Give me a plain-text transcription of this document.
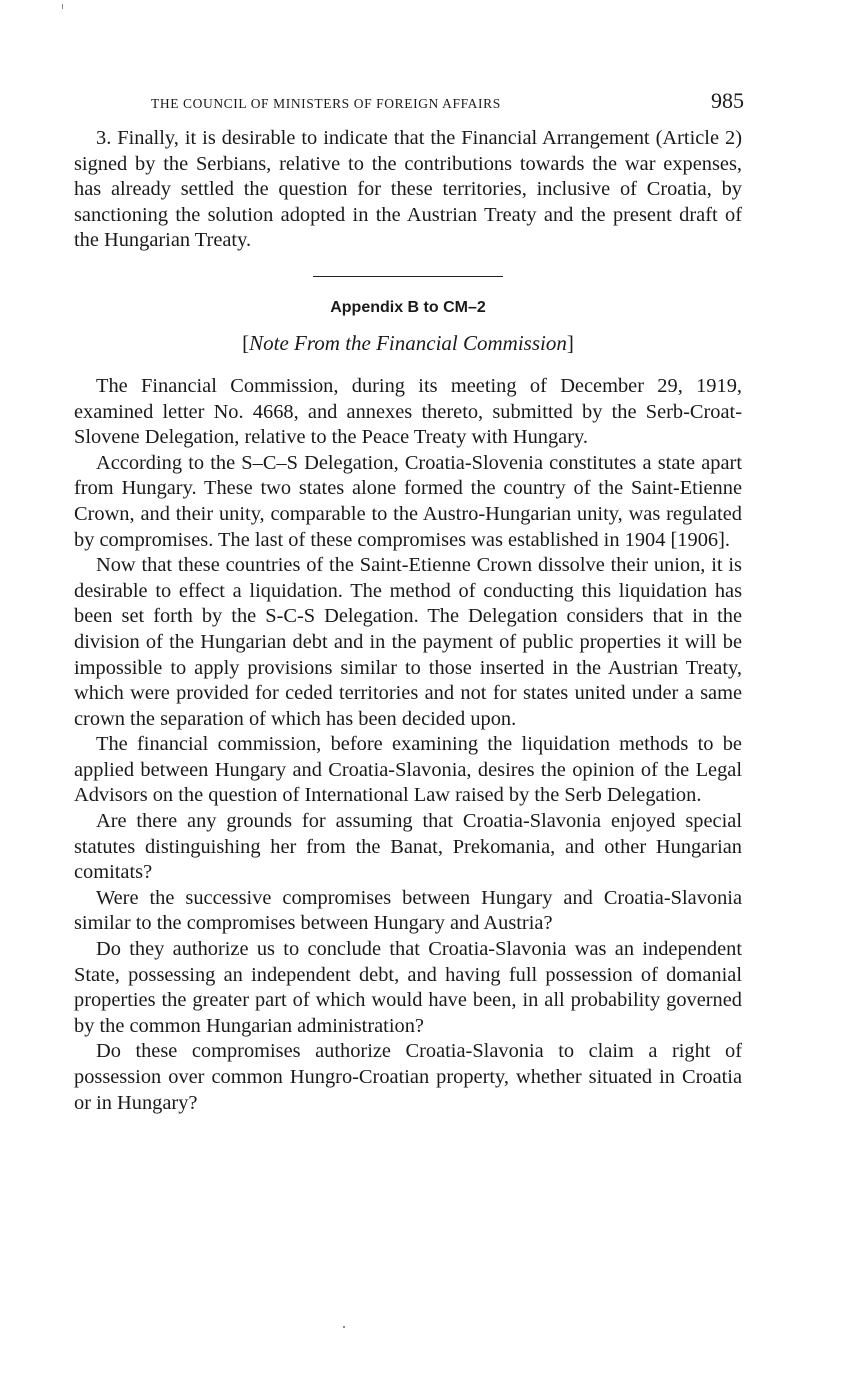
THE COUNCIL OF MINISTERS OF FOREIGN AFFAIRS	985

3. Finally, it is desirable to indicate that the Financial Arrangement (Article 2) signed by the Serbians, relative to the contributions towards the war expenses, has already settled the question for these territories, inclusive of Croatia, by sanctioning the solution adopted in the Austrian Treaty and the present draft of the Hungarian Treaty.

Appendix B to CM–2
[Note From the Financial Commission]

The Financial Commission, during its meeting of December 29, 1919, examined letter No. 4668, and annexes thereto, submitted by the Serb-Croat-Slovene Delegation, relative to the Peace Treaty with Hungary.

According to the S–C–S Delegation, Croatia-Slovenia constitutes a state apart from Hungary. These two states alone formed the country of the Saint-Etienne Crown, and their unity, comparable to the Austro-Hungarian unity, was regulated by compromises. The last of these compromises was established in 1904 [1906].

Now that these countries of the Saint-Etienne Crown dissolve their union, it is desirable to effect a liquidation. The method of conducting this liquidation has been set forth by the S-C-S Delegation. The Delegation considers that in the division of the Hungarian debt and in the payment of public properties it will be impossible to apply provisions similar to those inserted in the Austrian Treaty, which were provided for ceded territories and not for states united under a same crown the separation of which has been decided upon.

The financial commission, before examining the liquidation methods to be applied between Hungary and Croatia-Slavonia, desires the opinion of the Legal Advisors on the question of International Law raised by the Serb Delegation.

Are there any grounds for assuming that Croatia-Slavonia enjoyed special statutes distinguishing her from the Banat, Prekomania, and other Hungarian comitats?

Were the successive compromises between Hungary and Croatia-Slavonia similar to the compromises between Hungary and Austria?

Do they authorize us to conclude that Croatia-Slavonia was an independent State, possessing an independent debt, and having full possession of domanial properties the greater part of which would have been, in all probability governed by the common Hungarian administration?

Do these compromises authorize Croatia-Slavonia to claim a right of possession over common Hungro-Croatian property, whether situated in Croatia or in Hungary?
